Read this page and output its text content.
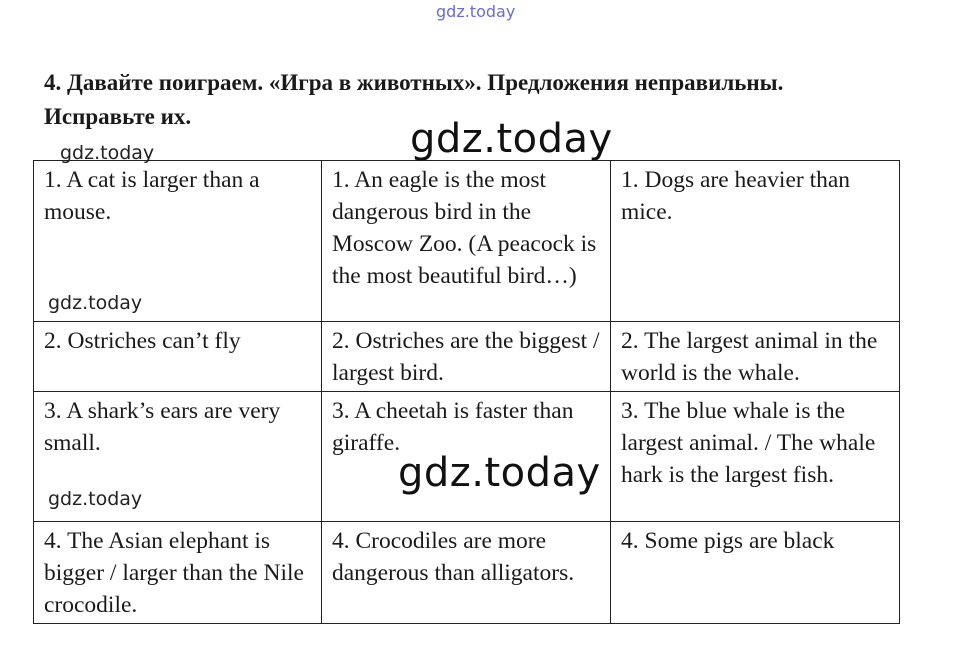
gdz.today

4. Давайте поиграем. «Игра в животных». Предложения неправильны. Исправьте их.

1. A cat is larger than a mouse.	1. An eagle is the most dangerous bird in the Moscow Zoo. (A peacock is the most beautiful bird…)	1. Dogs are heavier than mice.
2. Ostriches can’t fly	2. Ostriches are the biggest / largest bird.	2. The largest animal in the world is the whale.
3. A shark’s ears are very small.	3. A cheetah is faster than giraffe.	3. The blue whale is the largest animal. / The whale hark is the largest fish.
4. The Asian elephant is bigger / larger than the Nile crocodile.	4. Crocodiles are more dangerous than alligators.	4. Some pigs are black
gdz.today
gdz.today
gdz.today
gdz.today
gdz.today
